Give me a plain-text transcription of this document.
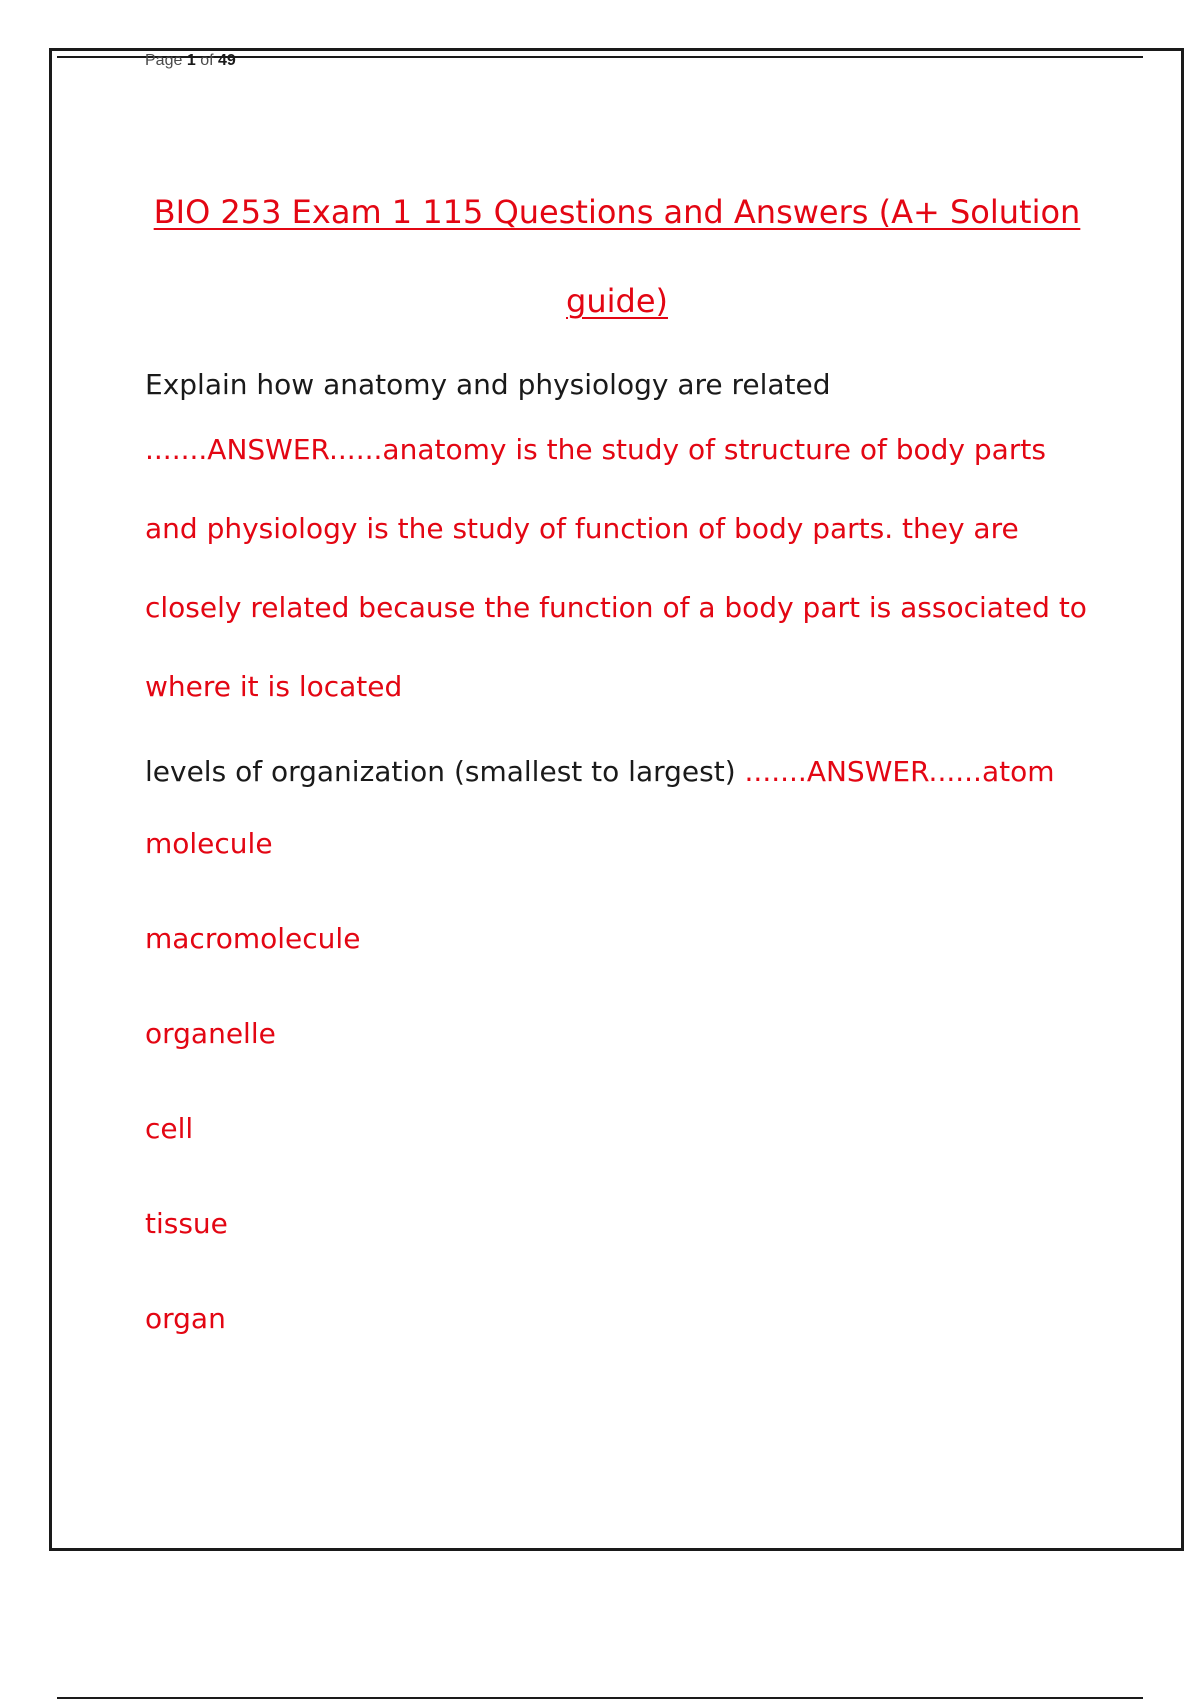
Page 1 of 49
BIO 253 Exam 1 115 Questions and Answers (A+ Solution guide)
Explain how anatomy and physiology are related
.......ANSWER......anatomy is the study of structure of body parts and physiology is the study of function of body parts. they are closely related because the function of a body part is associated to where it is located
levels of organization (smallest to largest) .......ANSWER......atom
molecule
macromolecule
organelle
cell
tissue
organ
